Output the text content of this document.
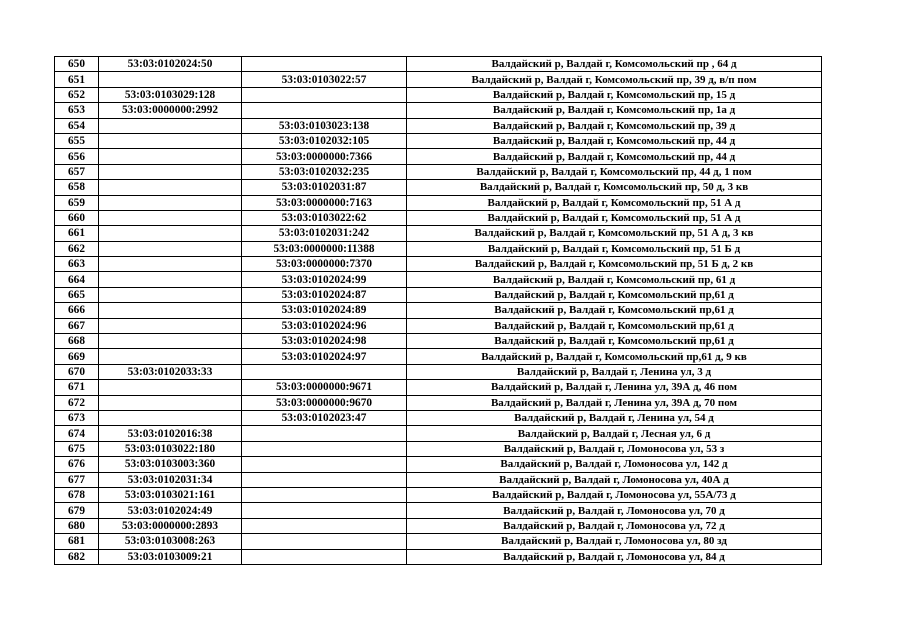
650	53:03:0102024:50		Валдайский р, Валдай г, Комсомольский пр , 64 д
651		53:03:0103022:57	Валдайский р, Валдай г, Комсомольский пр, 39 д, в/п пом
652	53:03:0103029:128		Валдайский р, Валдай г, Комсомольский пр, 15 д
653	53:03:0000000:2992		Валдайский р, Валдай г, Комсомольский пр, 1а д
654		53:03:0103023:138	Валдайский р, Валдай г, Комсомольский пр, 39 д
655		53:03:0102032:105	Валдайский р, Валдай г, Комсомольский пр, 44 д
656		53:03:0000000:7366	Валдайский р, Валдай г, Комсомольский пр, 44 д
657		53:03:0102032:235	Валдайский р, Валдай г, Комсомольский пр, 44 д, 1 пом
658		53:03:0102031:87	Валдайский р, Валдай г, Комсомольский пр, 50 д, 3 кв
659		53:03:0000000:7163	Валдайский р, Валдай г, Комсомольский пр, 51 А д
660		53:03:0103022:62	Валдайский р, Валдай г, Комсомольский пр, 51 А д
661		53:03:0102031:242	Валдайский р, Валдай г, Комсомольский пр, 51 А д, 3 кв
662		53:03:0000000:11388	Валдайский р, Валдай г, Комсомольский пр, 51 Б д
663		53:03:0000000:7370	Валдайский р, Валдай г, Комсомольский пр, 51 Б д, 2 кв
664		53:03:0102024:99	Валдайский р, Валдай г, Комсомольский пр, 61 д
665		53:03:0102024:87	Валдайский р, Валдай г, Комсомольский пр,61 д
666		53:03:0102024:89	Валдайский р, Валдай г, Комсомольский пр,61 д
667		53:03:0102024:96	Валдайский р, Валдай г, Комсомольский пр,61 д
668		53:03:0102024:98	Валдайский р, Валдай г, Комсомольский пр,61 д
669		53:03:0102024:97	Валдайский р, Валдай г, Комсомольский пр,61 д, 9 кв
670	53:03:0102033:33		Валдайский р, Валдай г, Ленина ул, 3 д
671		53:03:0000000:9671	Валдайский р, Валдай г, Ленина ул, 39А д, 46 пом
672		53:03:0000000:9670	Валдайский р, Валдай г, Ленина ул, 39А д, 70 пом
673		53:03:0102023:47	Валдайский р, Валдай г, Ленина ул, 54 д
674	53:03:0102016:38		Валдайский р, Валдай г, Лесная ул, 6 д
675	53:03:0103022:180		Валдайский р, Валдай г, Ломоносова ул, 53 з
676	53:03:0103003:360		Валдайский р, Валдай г, Ломоносова ул, 142 д
677	53:03:0102031:34		Валдайский р, Валдай г, Ломоносова ул, 40А д
678	53:03:0103021:161		Валдайский р, Валдай г, Ломоносова ул, 55А/73 д
679	53:03:0102024:49		Валдайский р, Валдай г, Ломоносова ул, 70 д
680	53:03:0000000:2893		Валдайский р, Валдай г, Ломоносова ул, 72 д
681	53:03:0103008:263		Валдайский р, Валдай г, Ломоносова ул, 80 зд
682	53:03:0103009:21		Валдайский р, Валдай г, Ломоносова ул, 84 д
